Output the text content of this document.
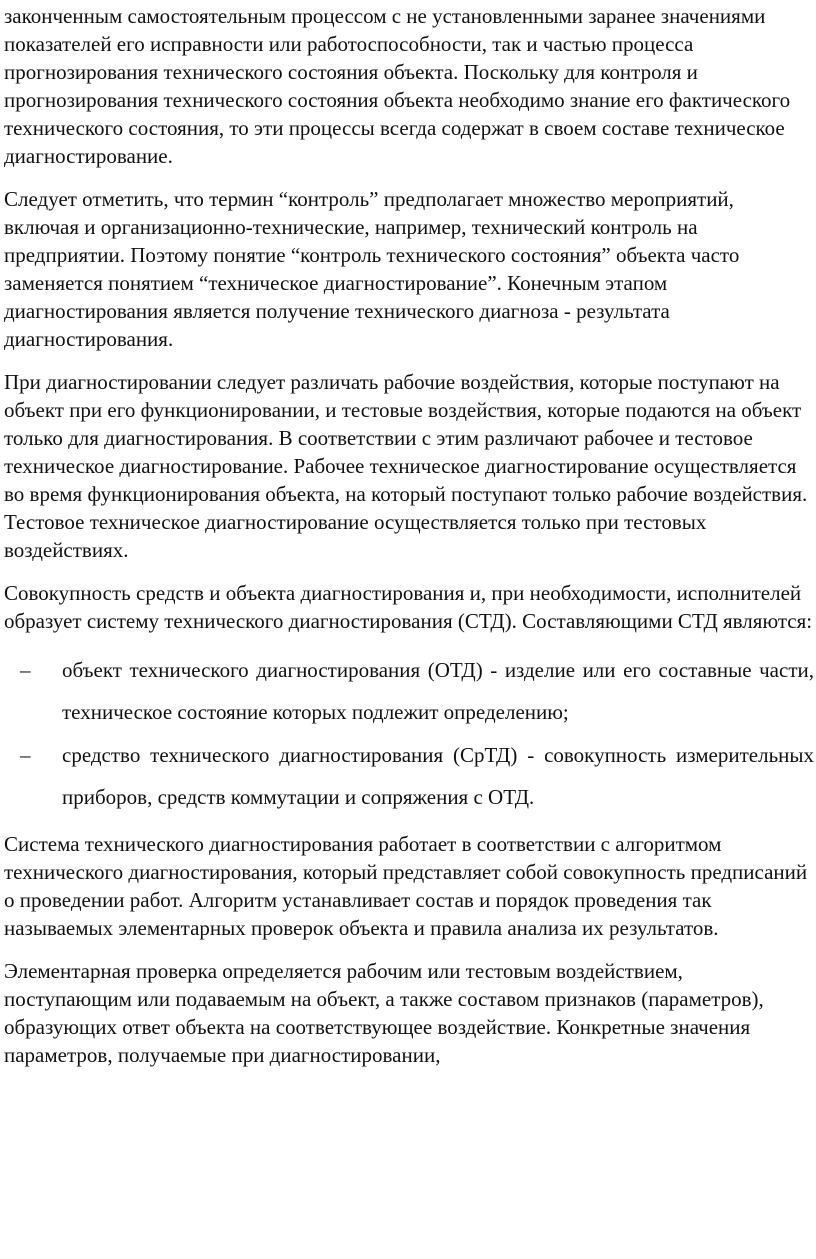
законченным самостоятельным процессом с не установленными заранее значениями показателей его исправности или работоспособности, так и частью процесса прогнозирования технического состояния объекта. Поскольку для контроля и прогнозирования технического состояния объекта необходимо знание его фактического технического состояния, то эти процессы всегда содержат в своем составе техническое диагностирование.

Следует отметить, что термин “контроль” предполагает множество мероприятий, включая и организационно-технические, например, технический контроль на предприятии. Поэтому понятие “контроль технического состояния” объекта часто заменяется понятием “техническое диагностирование”. Конечным этапом диагностирования является получение технического диагноза - результата диагностирования.

При диагностировании следует различать рабочие воздействия, которые поступают на объект при его функционировании, и тестовые воздействия, которые подаются на объект только для диагностирования. В соответствии с этим различают рабочее и тестовое техническое диагностирование. Рабочее техническое диагностирование осуществляется во время функционирования объекта, на который поступают только рабочие воздействия. Тестовое техническое диагностирование осуществляется только при тестовых воздействиях.

Совокупность средств и объекта диагностирования и, при необходимости, исполнителей образует систему технического диагностирования (СТД). Составляющими СТД являются:

– объект технического диагностирования (ОТД) - изделие или его составные части, техническое состояние которых подлежит определению;
– средство технического диагностирования (СрТД) - совокупность измерительных приборов, средств коммутации и сопряжения с ОТД.

Система технического диагностирования работает в соответствии с алгоритмом технического диагностирования, который представляет собой совокупность предписаний о проведении работ. Алгоритм устанавливает состав и порядок проведения так называемых элементарных проверок объекта и правила анализа их результатов.

Элементарная проверка определяется рабочим или тестовым воздействием, поступающим или подаваемым на объект, а также составом признаков (параметров), образующих ответ объекта на соответствующее воздействие. Конкретные значения параметров, получаемые при диагностировании,
